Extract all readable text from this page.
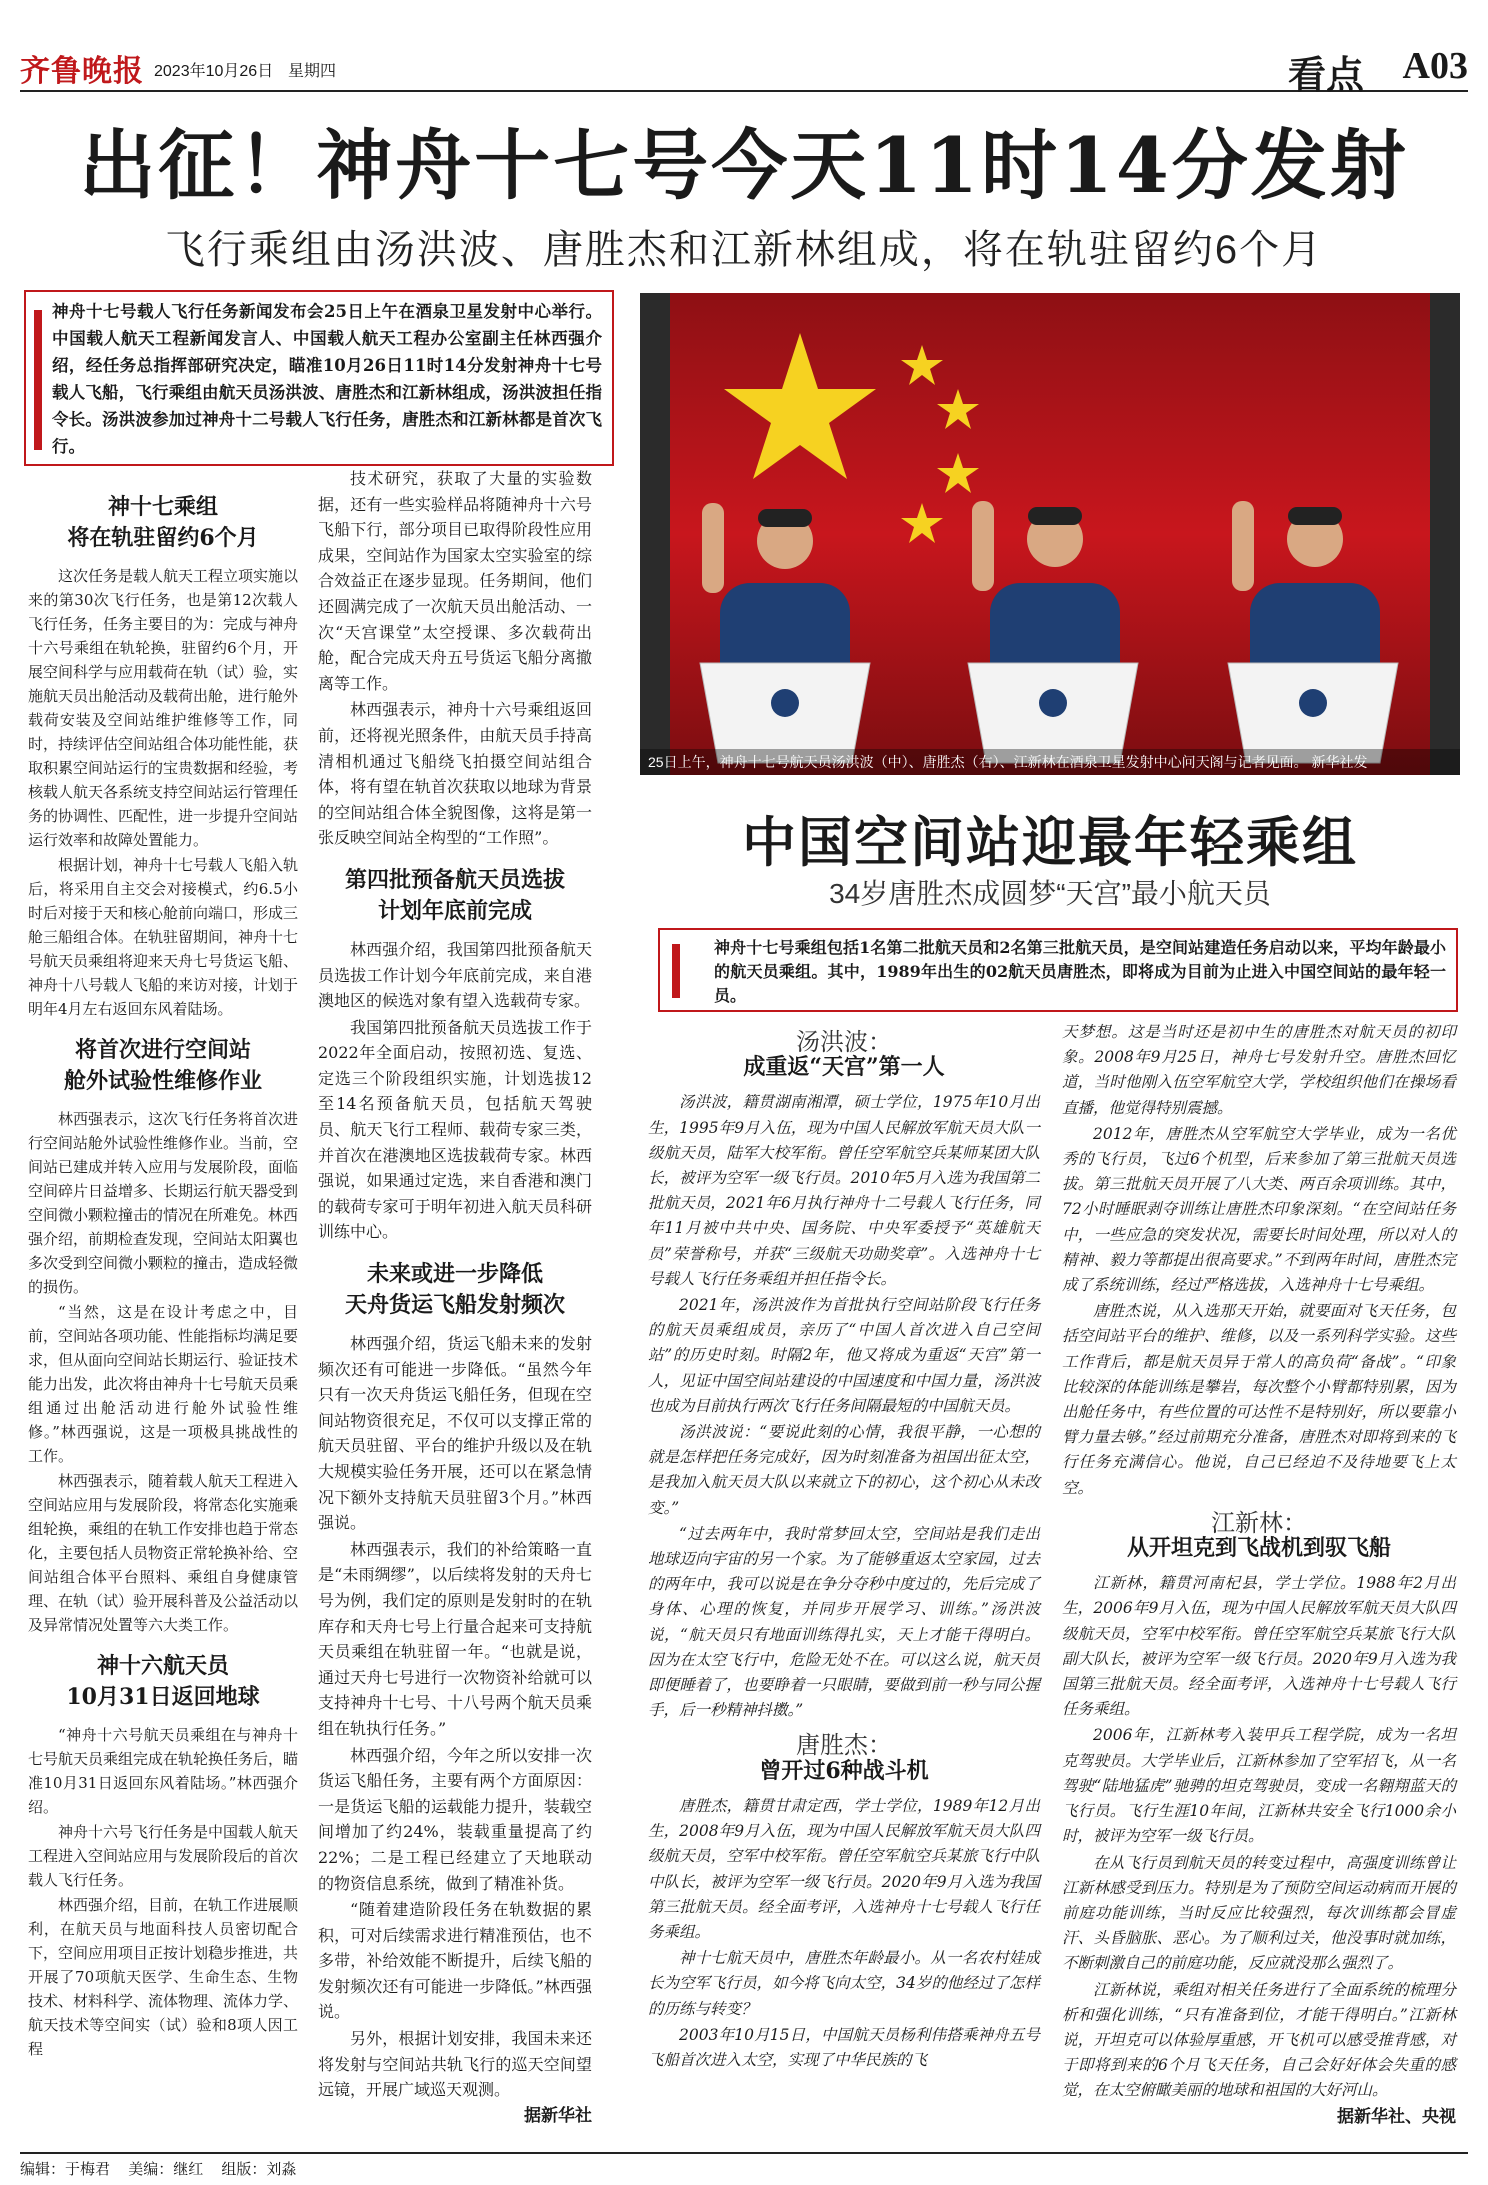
齐鲁晚报 2023年10月26日 星期四	看点 A03
出征！神舟十七号今天11时14分发射
飞行乘组由汤洪波、唐胜杰和江新林组成，将在轨驻留约6个月
神舟十七号载人飞行任务新闻发布会25日上午在酒泉卫星发射中心举行。中国载人航天工程新闻发言人、中国载人航天工程办公室副主任林西强介绍，经任务总指挥部研究决定，瞄准10月26日11时14分发射神舟十七号载人飞船，飞行乘组由航天员汤洪波、唐胜杰和江新林组成，汤洪波担任指令长。汤洪波参加过神舟十二号载人飞行任务，唐胜杰和江新林都是首次飞行。
神十七乘组
将在轨驻留约6个月

这次任务是载人航天工程立项实施以来的第30次飞行任务，也是第12次载人飞行任务，任务主要目的为：完成与神舟十六号乘组在轨轮换，驻留约6个月，开展空间科学与应用载荷在轨（试）验，实施航天员出舱活动及载荷出舱，进行舱外载荷安装及空间站维护维修等工作，同时，持续评估空间站组合体功能性能，获取积累空间站运行的宝贵数据和经验，考核载人航天各系统支持空间站运行管理任务的协调性、匹配性，进一步提升空间站运行效率和故障处置能力。

根据计划，神舟十七号载人飞船入轨后，将采用自主交会对接模式，约6.5小时后对接于天和核心舱前向端口，形成三舱三船组合体。在轨驻留期间，神舟十七号航天员乘组将迎来天舟七号货运飞船、神舟十八号载人飞船的来访对接，计划于明年4月左右返回东风着陆场。

将首次进行空间站
舱外试验性维修作业

林西强表示，这次飞行任务将首次进行空间站舱外试验性维修作业。当前，空间站已建成并转入应用与发展阶段，面临空间碎片日益增多、长期运行航天器受到空间微小颗粒撞击的情况在所难免。林西强介绍，前期检查发现，空间站太阳翼也多次受到空间微小颗粒的撞击，造成轻微的损伤。

“当然，这是在设计考虑之中，目前，空间站各项功能、性能指标均满足要求，但从面向空间站长期运行、验证技术能力出发，此次将由神舟十七号航天员乘组通过出舱活动进行舱外试验性维修。”林西强说，这是一项极具挑战性的工作。

林西强表示，随着载人航天工程进入空间站应用与发展阶段，将常态化实施乘组轮换，乘组的在轨工作安排也趋于常态化，主要包括人员物资正常轮换补给、空间站组合体平台照料、乘组自身健康管理、在轨（试）验开展科普及公益活动以及异常情况处置等六大类工作。

神十六航天员
10月31日返回地球

“神舟十六号航天员乘组在与神舟十七号航天员乘组完成在轨轮换任务后，瞄准10月31日返回东风着陆场。”林西强介绍。

神舟十六号飞行任务是中国载人航天工程进入空间站应用与发展阶段后的首次载人飞行任务。

林西强介绍，目前，在轨工作进展顺利，在航天员与地面科技人员密切配合下，空间应用项目正按计划稳步推进，共开展了70项航天医学、生命生态、生物技术、材料科学、流体物理、流体力学、航天技术等空间实（试）验和8项人因工程

技术研究，获取了大量的实验数据，还有一些实验样品将随神舟十六号飞船下行，部分项目已取得阶段性应用成果，空间站作为国家太空实验室的综合效益正在逐步显现。任务期间，他们还圆满完成了一次航天员出舱活动、一次“天宫课堂”太空授课、多次载荷出舱，配合完成天舟五号货运飞船分离撤离等工作。

林西强表示，神舟十六号乘组返回前，还将视光照条件，由航天员手持高清相机通过飞船绕飞拍摄空间站组合体，将有望在轨首次获取以地球为背景的空间站组合体全貌图像，这将是第一张反映空间站全构型的“工作照”。

第四批预备航天员选拔
计划年底前完成

林西强介绍，我国第四批预备航天员选拔工作计划今年底前完成，来自港澳地区的候选对象有望入选载荷专家。

我国第四批预备航天员选拔工作于2022年全面启动，按照初选、复选、定选三个阶段组织实施，计划选拔12至14名预备航天员，包括航天驾驶员、航天飞行工程师、载荷专家三类，并首次在港澳地区选拔载荷专家。林西强说，如果通过定选，来自香港和澳门的载荷专家可于明年初进入航天员科研训练中心。

未来或进一步降低
天舟货运飞船发射频次

林西强介绍，货运飞船未来的发射频次还有可能进一步降低。“虽然今年只有一次天舟货运飞船任务，但现在空间站物资很充足，不仅可以支撑正常的航天员驻留、平台的维护升级以及在轨大规模实验任务开展，还可以在紧急情况下额外支持航天员驻留3个月。”林西强说。

林西强表示，我们的补给策略一直是“未雨绸缪”，以后续将发射的天舟七号为例，我们定的原则是发射时的在轨库存和天舟七号上行量合起来可支持航天员乘组在轨驻留一年。“也就是说，通过天舟七号进行一次物资补给就可以支持神舟十七号、十八号两个航天员乘组在轨执行任务。”

林西强介绍，今年之所以安排一次货运飞船任务，主要有两个方面原因：一是货运飞船的运载能力提升，装载空间增加了约24%，装载重量提高了约22%；二是工程已经建立了天地联动的物资信息系统，做到了精准补货。

“随着建造阶段任务在轨数据的累积，可对后续需求进行精准预估，也不多带，补给效能不断提升，后续飞船的发射频次还有可能进一步降低。”林西强说。

另外，根据计划安排，我国未来还将发射与空间站共轨飞行的巡天空间望远镜，开展广域巡天观测。

据新华社
25日上午，神舟十七号航天员汤洪波（中）、唐胜杰（右）、江新林在酒泉卫星发射中心问天阁与记者见面。 新华社发
中国空间站迎最年轻乘组
34岁唐胜杰成圆梦“天宫”最小航天员
神舟十七号乘组包括1名第二批航天员和2名第三批航天员，是空间站建造任务启动以来，平均年龄最小的航天员乘组。其中，1989年出生的02航天员唐胜杰，即将成为目前为止进入中国空间站的最年轻一员。
汤洪波：
成重返“天宫”第一人

汤洪波，籍贯湖南湘潭，硕士学位，1975年10月出生，1995年9月入伍，现为中国人民解放军航天员大队一级航天员，陆军大校军衔。曾任空军航空兵某师某团大队长，被评为空军一级飞行员。2010年5月入选为我国第二批航天员，2021年6月执行神舟十二号载人飞行任务，同年11月被中共中央、国务院、中央军委授予“英雄航天员”荣誉称号，并获“三级航天功勋奖章”。入选神舟十七号载人飞行任务乘组并担任指令长。

2021年，汤洪波作为首批执行空间站阶段飞行任务的航天员乘组成员，亲历了“中国人首次进入自己空间站”的历史时刻。时隔2年，他又将成为重返“天宫”第一人，见证中国空间站建设的中国速度和中国力量，汤洪波也成为目前执行两次飞行任务间隔最短的中国航天员。

汤洪波说：“要说此刻的心情，我很平静，一心想的就是怎样把任务完成好，因为时刻准备为祖国出征太空，是我加入航天员大队以来就立下的初心，这个初心从未改变。”

“过去两年中，我时常梦回太空，空间站是我们走出地球迈向宇宙的另一个家。为了能够重返太空家园，过去的两年中，我可以说是在争分夺秒中度过的，先后完成了身体、心理的恢复，并同步开展学习、训练。”汤洪波说，“航天员只有地面训练得扎实，天上才能干得明白。因为在太空飞行中，危险无处不在。可以这么说，航天员即便睡着了，也要睁着一只眼睛，要做到前一秒与同公握手，后一秒精神抖擞。”

唐胜杰：
曾开过6种战斗机

唐胜杰，籍贯甘肃定西，学士学位，1989年12月出生，2008年9月入伍，现为中国人民解放军航天员大队四级航天员，空军中校军衔。曾任空军航空兵某旅飞行中队中队长，被评为空军一级飞行员。2020年9月入选为我国第三批航天员。经全面考评，入选神舟十七号载人飞行任务乘组。

神十七航天员中，唐胜杰年龄最小。从一名农村娃成长为空军飞行员，如今将飞向太空，34岁的他经过了怎样的历练与转变？

2003年10月15日，中国航天员杨利伟搭乘神舟五号飞船首次进入太空，实现了中华民族的飞

天梦想。这是当时还是初中生的唐胜杰对航天员的初印象。2008年9月25日，神舟七号发射升空。唐胜杰回忆道，当时他刚入伍空军航空大学，学校组织他们在操场看直播，他觉得特别震撼。

2012年，唐胜杰从空军航空大学毕业，成为一名优秀的飞行员，飞过6个机型，后来参加了第三批航天员选拔。第三批航天员开展了八大类、两百余项训练。其中，72小时睡眠剥夺训练让唐胜杰印象深刻。“在空间站任务中，一些应急的突发状况，需要长时间处理，所以对人的精神、毅力等都提出很高要求。”不到两年时间，唐胜杰完成了系统训练，经过严格选拔，入选神舟十七号乘组。

唐胜杰说，从入选那天开始，就要面对飞天任务，包括空间站平台的维护、维修，以及一系列科学实验。这些工作背后，都是航天员异于常人的高负荷“备战”。“印象比较深的体能训练是攀岩，每次整个小臂都特别累，因为出舱任务中，有些位置的可达性不是特别好，所以要靠小臂力量去够。”经过前期充分准备，唐胜杰对即将到来的飞行任务充满信心。他说，自己已经迫不及待地要飞上太空。

江新林：
从开坦克到飞战机到驭飞船

江新林，籍贯河南杞县，学士学位。1988年2月出生，2006年9月入伍，现为中国人民解放军航天员大队四级航天员，空军中校军衔。曾任空军航空兵某旅飞行大队副大队长，被评为空军一级飞行员。2020年9月入选为我国第三批航天员。经全面考评，入选神舟十七号载人飞行任务乘组。

2006年，江新林考入装甲兵工程学院，成为一名坦克驾驶员。大学毕业后，江新林参加了空军招飞，从一名驾驶“陆地猛虎”驰骋的坦克驾驶员，变成一名翱翔蓝天的飞行员。飞行生涯10年间，江新林共安全飞行1000余小时，被评为空军一级飞行员。

在从飞行员到航天员的转变过程中，高强度训练曾让江新林感受到压力。特别是为了预防空间运动病而开展的前庭功能训练，当时反应比较强烈，每次训练都会冒虚汗、头昏脑胀、恶心。为了顺利过关，他没事时就加练，不断刺激自己的前庭功能，反应就没那么强烈了。

江新林说，乘组对相关任务进行了全面系统的梳理分析和强化训练，“只有准备到位，才能干得明白。”江新林说，开坦克可以体验厚重感，开飞机可以感受推背感，对于即将到来的6个月飞天任务，自己会好好体会失重的感觉，在太空俯瞰美丽的地球和祖国的大好河山。

据新华社、央视
编辑：于梅君 美编：继红 组版：刘淼
